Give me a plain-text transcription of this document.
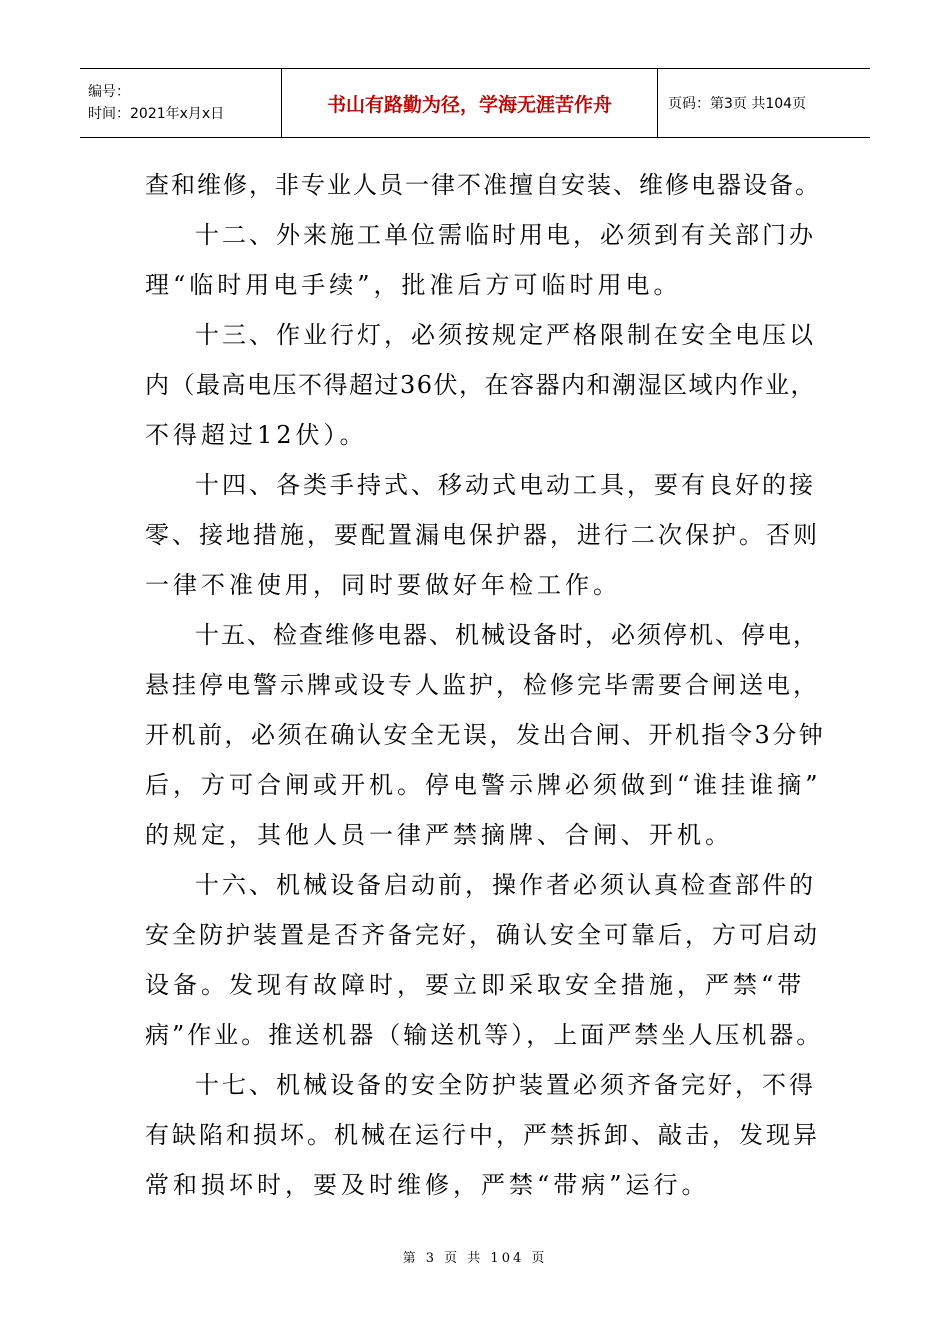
编号：
时间：2021年x月x日	书山有路勤为径，学海无涯苦作舟	页码：第3页 共104页
查和维修，非专业人员一律不准擅自安装、维修电器设备。
十二、外来施工单位需临时用电，必须到有关部门办
理“临时用电手续”，批准后方可临时用电。
十三、作业行灯，必须按规定严格限制在安全电压以
内（最高电压不得超过36伏，在容器内和潮湿区域内作业，
不得超过12伏）。
十四、各类手持式、移动式电动工具，要有良好的接
零、接地措施，要配置漏电保护器，进行二次保护。否则
一律不准使用，同时要做好年检工作。
十五、检查维修电器、机械设备时，必须停机、停电，
悬挂停电警示牌或设专人监护，检修完毕需要合闸送电，
开机前，必须在确认安全无误，发出合闸、开机指令3分钟
后，方可合闸或开机。停电警示牌必须做到“谁挂谁摘”
的规定，其他人员一律严禁摘牌、合闸、开机。
十六、机械设备启动前，操作者必须认真检查部件的
安全防护装置是否齐备完好，确认安全可靠后，方可启动
设备。发现有故障时，要立即采取安全措施，严禁“带
病”作业。推送机器（输送机等），上面严禁坐人压机器。
十七、机械设备的安全防护装置必须齐备完好，不得
有缺陷和损坏。机械在运行中，严禁拆卸、敲击，发现异
常和损坏时，要及时维修，严禁“带病”运行。
第 3 页 共 104 页
